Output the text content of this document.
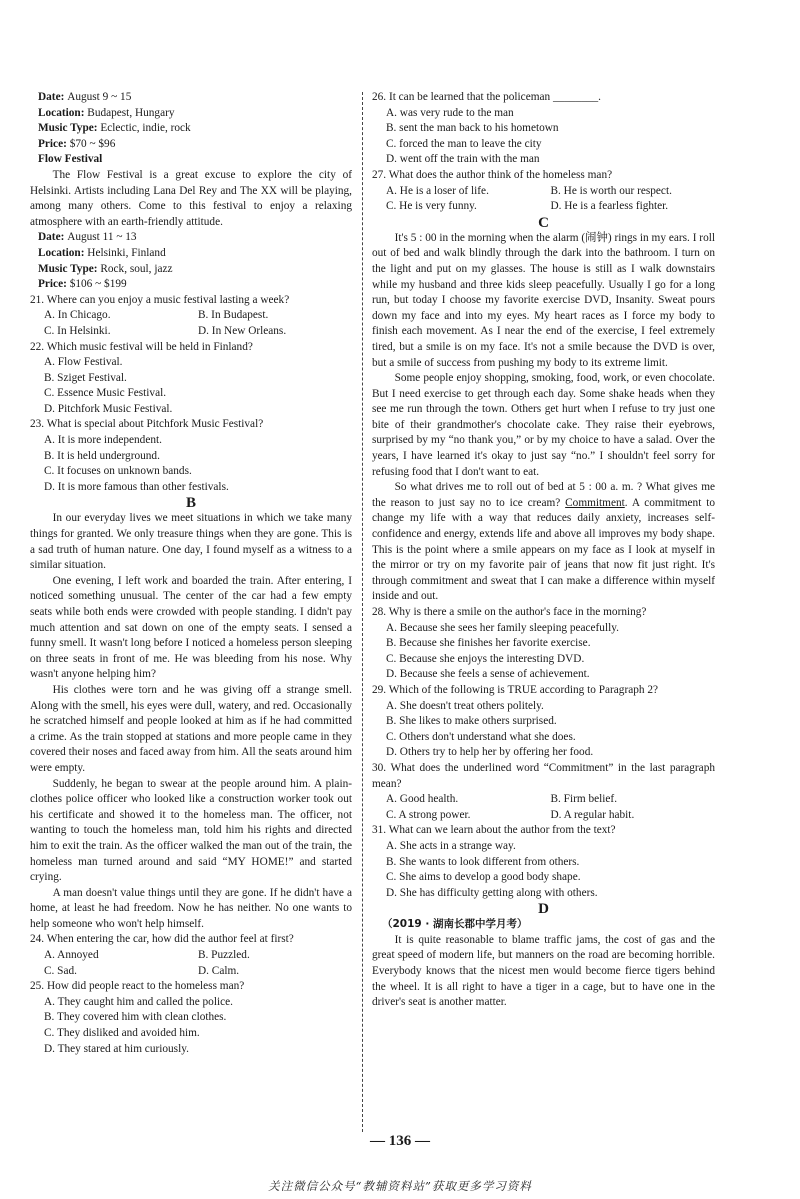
Date: August 9 ~ 15
Location: Budapest, Hungary
Music Type: Eclectic, indie, rock
Price: $70 ~ $96
Flow Festival

The Flow Festival is a great excuse to explore the city of Helsinki. Artists including Lana Del Rey and The XX will be playing, among many others. Come to this festival to enjoy a relaxing atmosphere with an earth-friendly attitude.

Date: August 11 ~ 13
Location: Helsinki, Finland
Music Type: Rock, soul, jazz
Price: $106 ~ $199
21. Where can you enjoy a music festival lasting a week?
A. In Chicago.	B. In Budapest.
C. In Helsinki.	D. In New Orleans.
22. Which music festival will be held in Finland?
A. Flow Festival.
B. Sziget Festival.
C. Essence Music Festival.
D. Pitchfork Music Festival.
23. What is special about Pitchfork Music Festival?
A. It is more independent.
B. It is held underground.
C. It focuses on unknown bands.
D. It is more famous than other festivals.
B

In our everyday lives we meet situations in which we take many things for granted. We only treasure things when they are gone. This is a sad truth of human nature. One day, I found myself as a witness to a similar situation.

One evening, I left work and boarded the train. After entering, I noticed something unusual. The center of the car had a few empty seats while both ends were crowded with people standing. I didn't pay much attention and sat down on one of the empty seats. I sensed a funny smell. It wasn't long before I noticed a homeless person sleeping on three seats in front of me. He was bleeding from his nose. Why wasn't anyone helping him?

His clothes were torn and he was giving off a strange smell. Along with the smell, his eyes were dull, watery, and red. Occasionally he scratched himself and people looked at him as if he had committed a crime. As the train stopped at stations and more people came in they covered their noses and faced away from him. All the seats around him were empty.

Suddenly, he began to swear at the people around him. A plain-clothes police officer who looked like a construction worker took out his certificate and showed it to the homeless man. The officer, not wanting to touch the homeless man, told him his rights and directed him to exit the train. As the officer walked the man out of the train, the homeless man turned around and said “MY HOME!” and started crying.

A man doesn't value things until they are gone. If he didn't have a home, at least he had freedom. Now he has neither. No one wants to help someone who won't help himself.

24. When entering the car, how did the author feel at first?
A. Annoyed	B. Puzzled.
C. Sad.	D. Calm.
25. How did people react to the homeless man?
A. They caught him and called the police.
B. They covered him with clean clothes.
C. They disliked and avoided him.
D. They stared at him curiously.
26. It can be learned that the policeman ________.
A. was very rude to the man
B. sent the man back to his hometown
C. forced the man to leave the city
D. went off the train with the man
27. What does the author think of the homeless man?
A. He is a loser of life.	B. He is worth our respect.
C. He is very funny.	D. He is a fearless fighter.
C

It's 5 : 00 in the morning when the alarm (闹钟) rings in my ears. I roll out of bed and walk blindly through the dark into the bathroom. I turn on the light and put on my glasses. The house is still as I walk downstairs while my husband and three kids sleep peacefully. Usually I go for a long run, but today I choose my favorite exercise DVD, Insanity. Sweat pours down my face and into my eyes. My heart races as I force my body to finish each movement. As I near the end of the exercise, I feel extremely tired, but a smile is on my face. It's not a smile because the DVD is over, but a smile of success from pushing my body to its extreme limit.

Some people enjoy shopping, smoking, food, work, or even chocolate. But I need exercise to get through each day. Some shake heads when they see me run through the town. Others get hurt when I refuse to try just one bite of their grandmother's chocolate cake. They raise their eyebrows, surprised by my “no thank you,” or by my choice to have a salad. Over the years, I have learned it's okay to just say “no.” I shouldn't feel sorry for refusing food that I don't want to eat.

So what drives me to roll out of bed at 5 : 00 a. m. ? What gives me the reason to just say no to ice cream? Commitment. A commitment to change my life with a way that reduces daily anxiety, increases self-confidence and energy, extends life and above all improves my body shape. This is the point where a smile appears on my face as I look at myself in the mirror or try on my favorite pair of jeans that now fit just right. It's through commitment and sweat that I can make a difference within myself inside and out.

28. Why is there a smile on the author's face in the morning?
A. Because she sees her family sleeping peacefully.
B. Because she finishes her favorite exercise.
C. Because she enjoys the interesting DVD.
D. Because she feels a sense of achievement.
29. Which of the following is TRUE according to Paragraph 2?
A. She doesn't treat others politely.
B. She likes to make others surprised.
C. Others don't understand what she does.
D. Others try to help her by offering her food.
30. What does the underlined word “Commitment” in the last paragraph mean?
A. Good health.	B. Firm belief.
C. A strong power.	D. A regular habit.
31. What can we learn about the author from the text?
A. She acts in a strange way.
B. She wants to look different from others.
C. She aims to develop a good body shape.
D. She has difficulty getting along with others.
D
（2019 · 湖南长郡中学月考）

It is quite reasonable to blame traffic jams, the cost of gas and the great speed of modern life, but manners on the road are becoming horrible. Everybody knows that the nicest men would become fierce tigers behind the wheel. It is all right to have a tiger in a cage, but to have one in the driver's seat is another matter.

— 136 —
关注微信公众号“教辅资料站”获取更多学习资料
